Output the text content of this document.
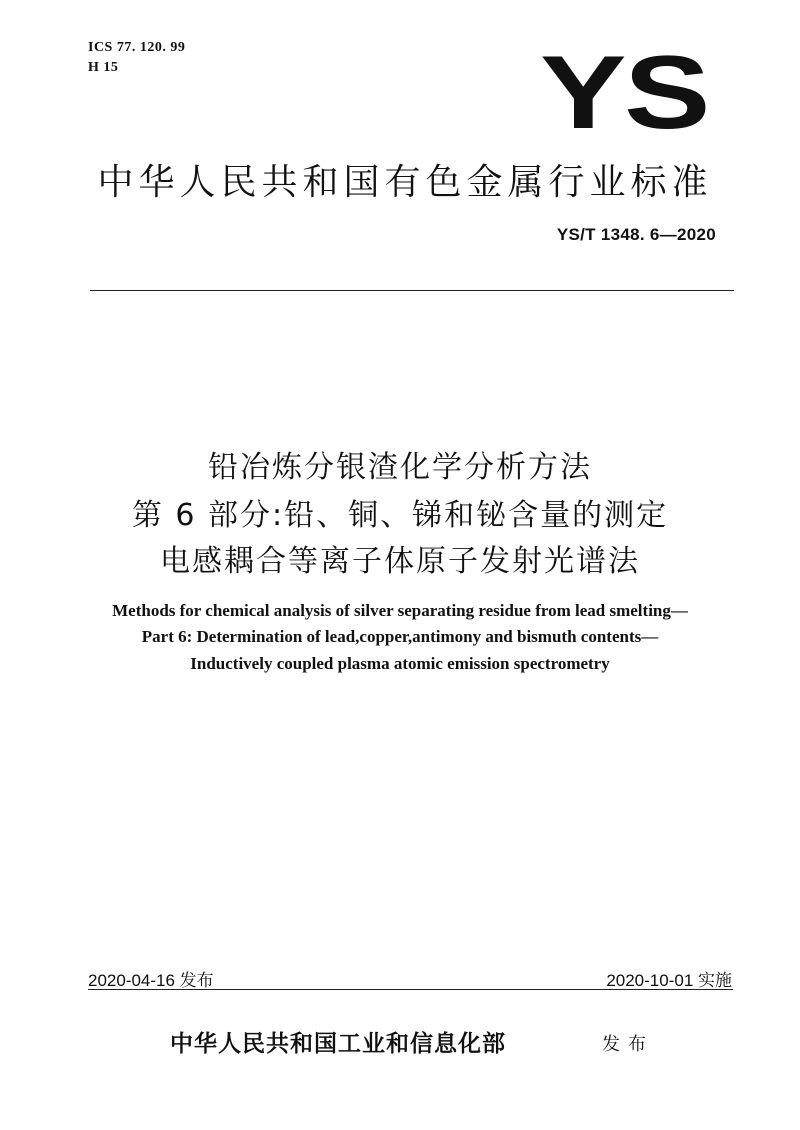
ICS 77. 120. 99
H 15	YS
中华人民共和国有色金属行业标准
YS/T 1348. 6—2020
铅冶炼分银渣化学分析方法
第 6 部分:铅、铜、锑和铋含量的测定
电感耦合等离子体原子发射光谱法
Methods for chemical analysis of silver separating residue from lead smelting—
Part 6: Determination of lead,copper,antimony and bismuth contents—
Inductively coupled plasma atomic emission spectrometry
2020-04-16 发布	2020-10-01 实施
中华人民共和国工业和信息化部	发布
